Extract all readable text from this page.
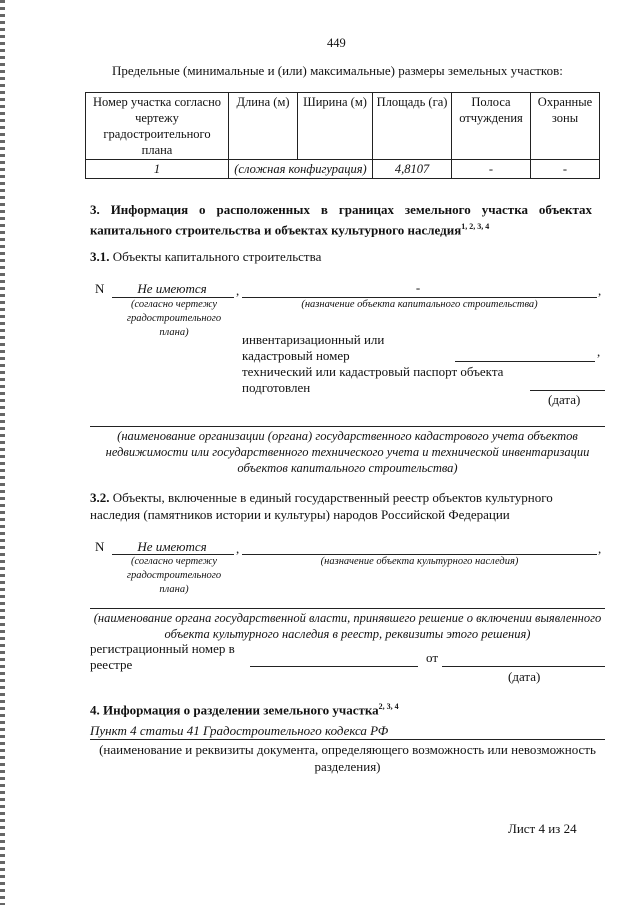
449
Предельные (минимальные и (или) максимальные) размеры земельных участков:
Номер участка согласно чертежу градостроительного плана	Длина (м)	Ширина (м)	Площадь (га)	Полоса отчуждения	Охранные зоны
1	(сложная конфигурация)		4,8107	-	-
3. Информация о расположенных в границах земельного участка объектах капитального строительства и объектах культурного наследия$^{1, 2, 3, 4}$
3.1. Объекты капитального строительства
N	Не имеются	,	-	,
(согласно чертежу градостроительного плана)
(назначение объекта капитального строительства)
инвентаризационный или кадастровый номер	,
технический или кадастровый паспорт объекта подготовлен
(дата)
(наименование организации (органа) государственного кадастрового учета объектов недвижимости или государственного технического учета и технической инвентаризации объектов капитального строительства)
3.2. Объекты, включенные в единый государственный реестр объектов культурного наследия (памятников истории и культуры) народов Российской Федерации
N	Не имеются	,	,
(согласно чертежу градостроительного плана)
(назначение объекта культурного наследия)
(наименование органа государственной власти, принявшего решение о включении выявленного объекта культурного наследия в реестр, реквизиты этого решения)
регистрационный номер в реестре	от
(дата)
4. Информация о разделении земельного участка$^{2, 3, 4}$
Пункт 4 статьи 41 Градостроительного кодекса РФ
(наименование и реквизиты документа, определяющего возможность или невозможность разделения)
Лист 4 из 24
